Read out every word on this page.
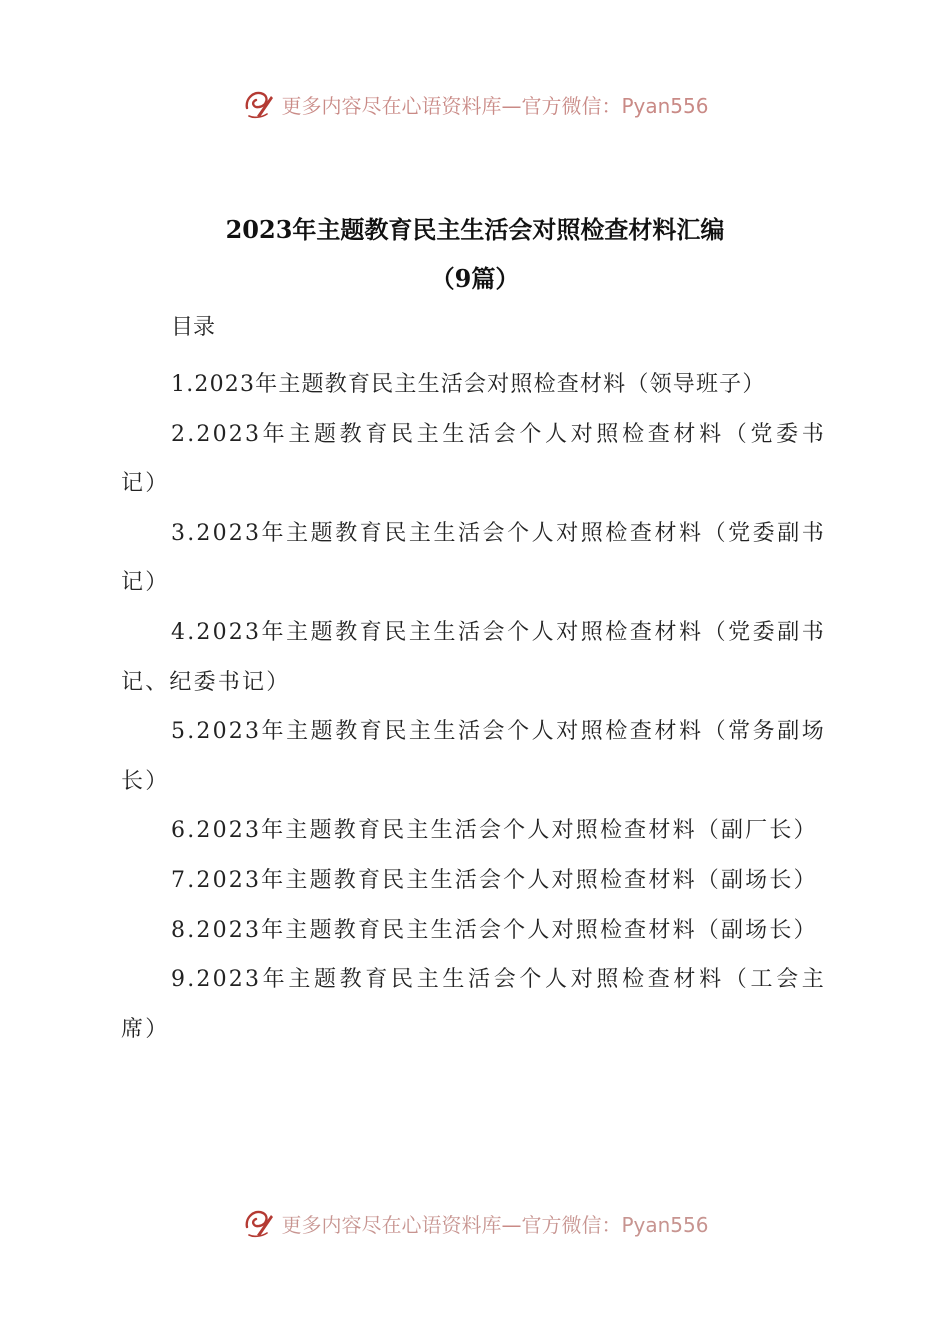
更多内容尽在心语资料库—官方微信：Pyan556
2023年主题教育民主生活会对照检查材料汇编
（9篇）
目录
1.2023年主题教育民主生活会对照检查材料（领导班子）
2.2023年主题教育民主生活会个人对照检查材料（党委书记）
3.2023年主题教育民主生活会个人对照检查材料（党委副书记）
4.2023年主题教育民主生活会个人对照检查材料（党委副书记、纪委书记）
5.2023年主题教育民主生活会个人对照检查材料（常务副场长）
6.2023年主题教育民主生活会个人对照检查材料（副厂长）
7.2023年主题教育民主生活会个人对照检查材料（副场长）
8.2023年主题教育民主生活会个人对照检查材料（副场长）
9.2023年主题教育民主生活会个人对照检查材料（工会主席）
更多内容尽在心语资料库—官方微信：Pyan556
